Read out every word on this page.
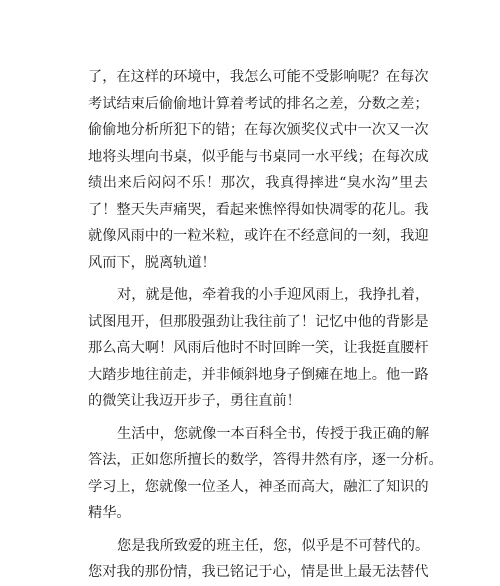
了，在这样的环境中，我怎么可能不受影响呢？在每次
考试结束后偷偷地计算着考试的排名之差，分数之差；
偷偷地分析所犯下的错；在每次颁奖仪式中一次又一次
地将头埋向书桌，似乎能与书桌同一水平线；在每次成
绩出来后闷闷不乐！那次，我真得摔进“臭水沟”里去
了！整天失声痛哭，看起来憔悴得如快凋零的花儿。我
就像风雨中的一粒米粒，或许在不经意间的一刻，我迎
风而下，脱离轨道！
对，就是他，牵着我的小手迎风雨上，我挣扎着，
试图甩开，但那股强劲让我往前了！记忆中他的背影是
那么高大啊！风雨后他时不时回眸一笑，让我挺直腰杆
大踏步地往前走，并非倾斜地身子倒瘫在地上。他一路
的微笑让我迈开步子，勇往直前！
生活中，您就像一本百科全书，传授于我正确的解
答法，正如您所擅长的数学，答得井然有序，逐一分析。
学习上，您就像一位圣人，神圣而高大，融汇了知识的
精华。
您是我所致爱的班主任，您，似乎是不可替代的。
您对我的那份情，我已铭记于心，情是世上最无法替代
